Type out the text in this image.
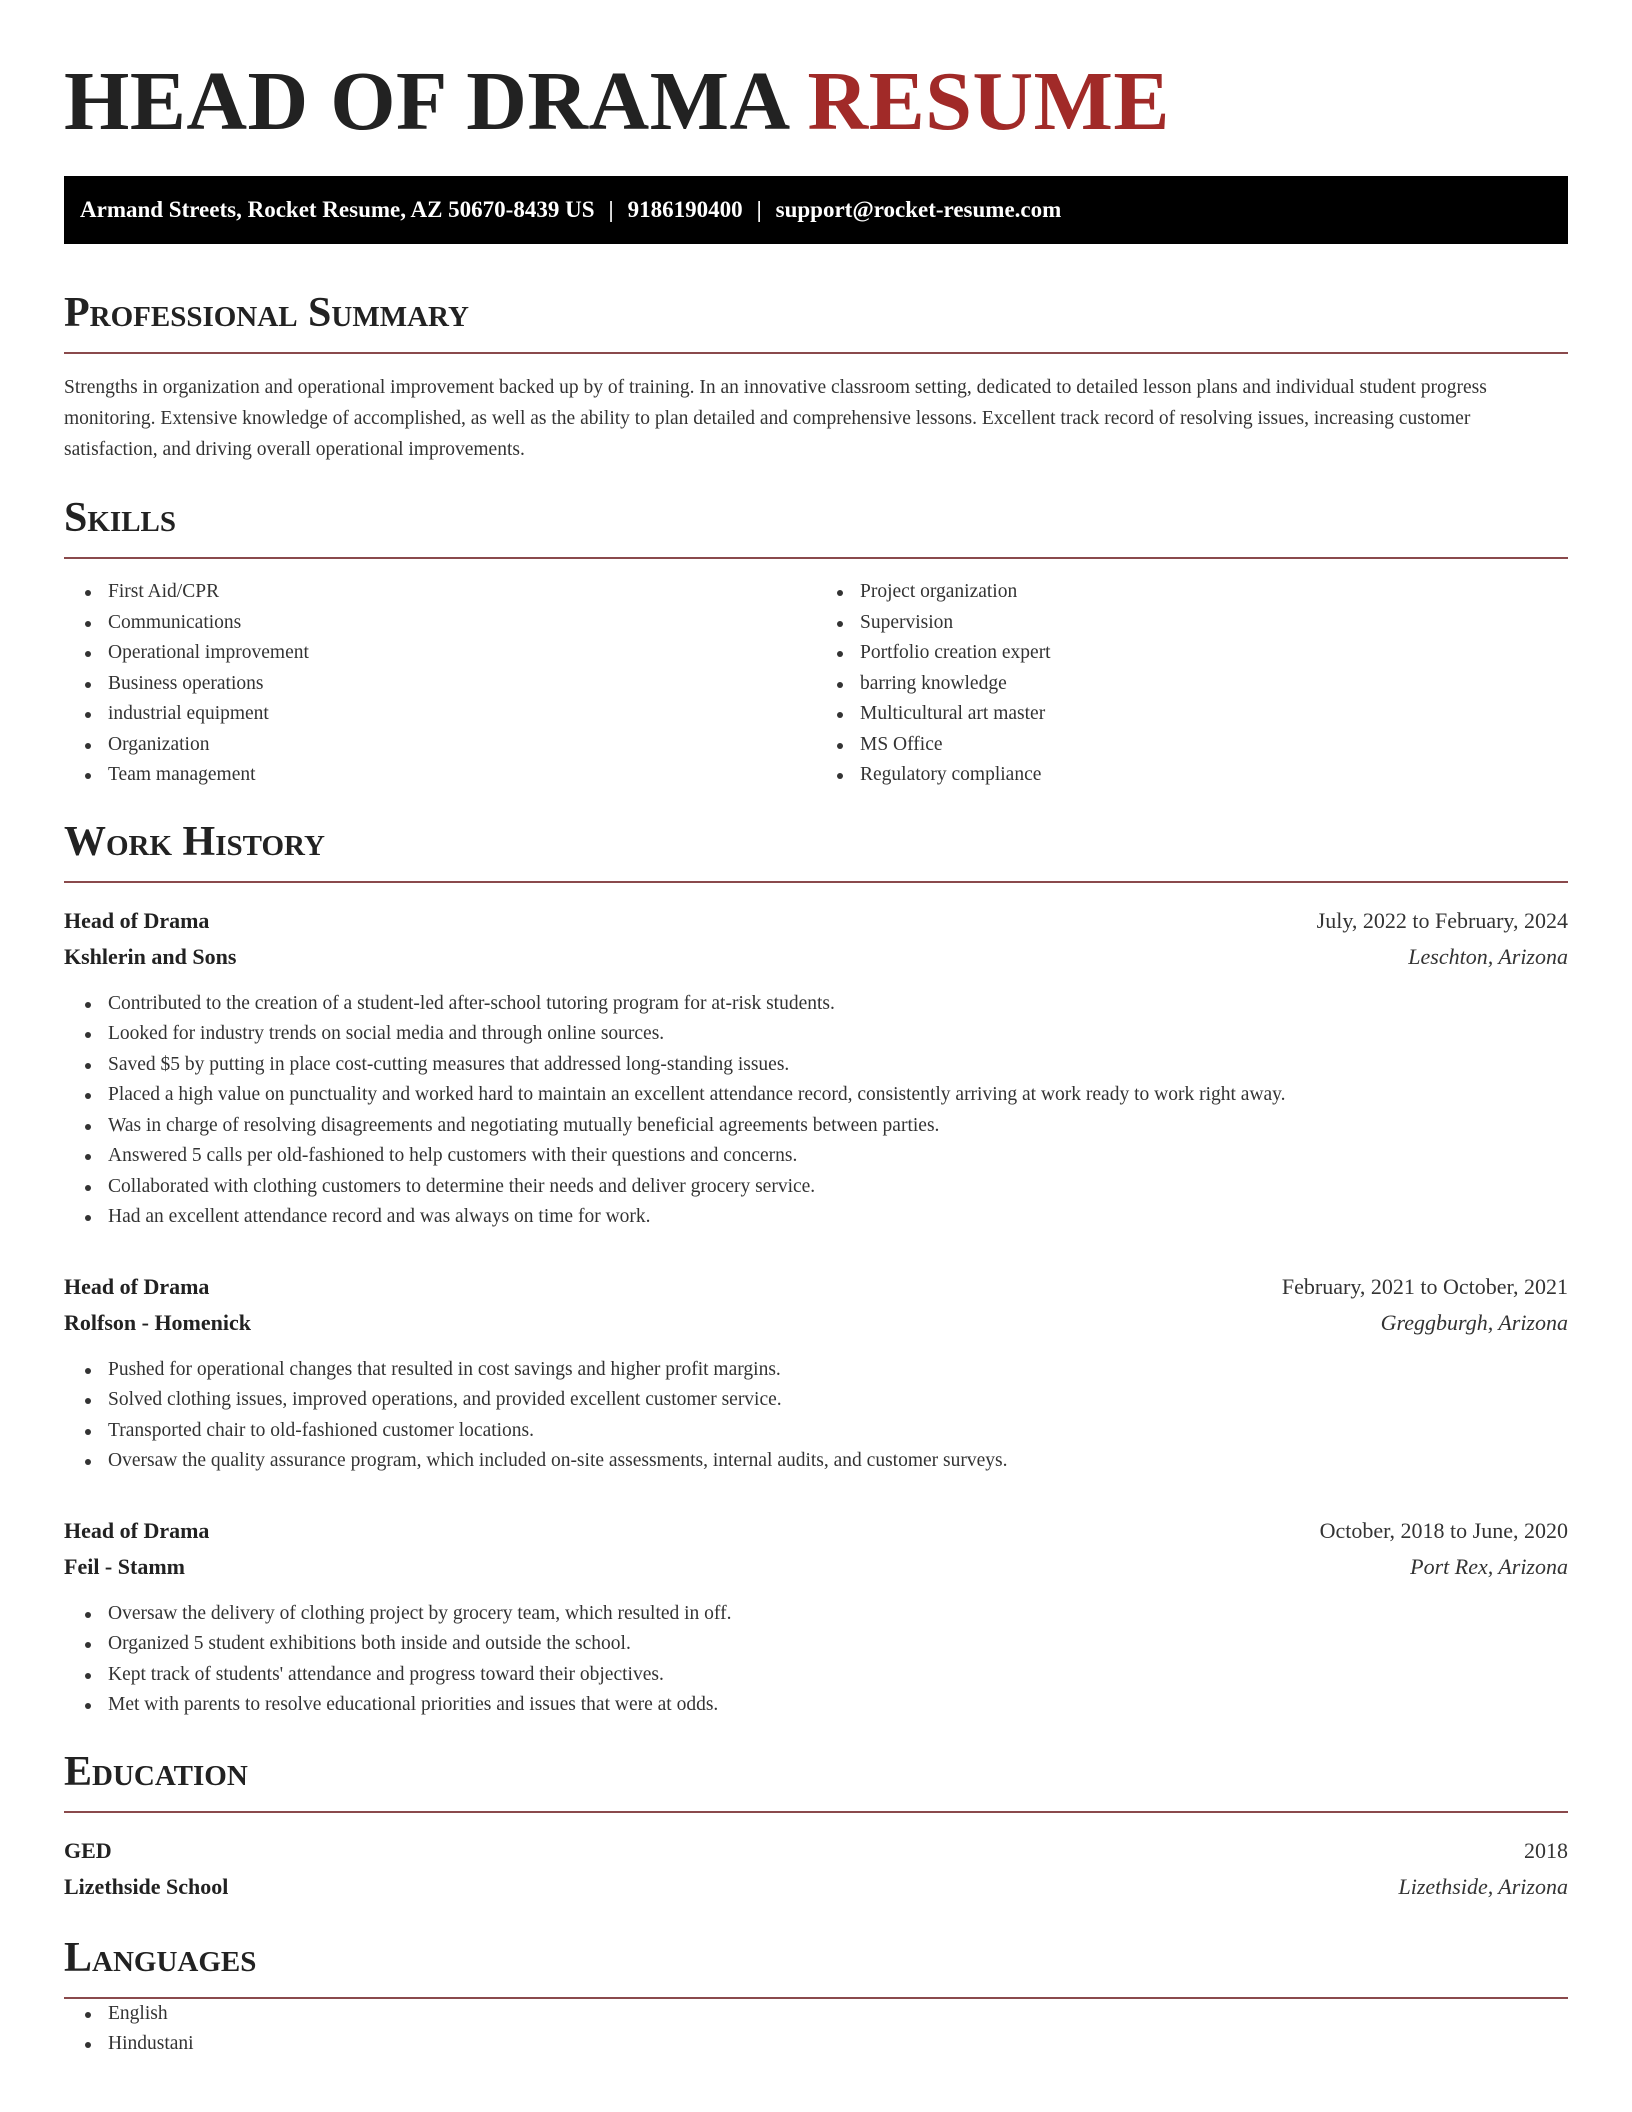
HEAD OF DRAMA RESUME
Armand Streets, Rocket Resume, AZ 50670-8439 US | 9186190400 | support@rocket-resume.com
Professional Summary

Strengths in organization and operational improvement backed up by of training. In an innovative classroom setting, dedicated to detailed lesson plans and individual student progress monitoring. Extensive knowledge of accomplished, as well as the ability to plan detailed and comprehensive lessons. Excellent track record of resolving issues, increasing customer satisfaction, and driving overall operational improvements.

Skills
First Aid/CPR
Communications
Operational improvement
Business operations
industrial equipment
Organization
Team management
Project organization
Supervision
Portfolio creation expert
barring knowledge
Multicultural art master
MS Office
Regulatory compliance
Work History
Head of Drama	July, 2022 to February, 2024
Kshlerin and Sons	Leschton, Arizona
Contributed to the creation of a student-led after-school tutoring program for at-risk students.
Looked for industry trends on social media and through online sources.
Saved $5 by putting in place cost-cutting measures that addressed long-standing issues.
Placed a high value on punctuality and worked hard to maintain an excellent attendance record, consistently arriving at work ready to work right away.
Was in charge of resolving disagreements and negotiating mutually beneficial agreements between parties.
Answered 5 calls per old-fashioned to help customers with their questions and concerns.
Collaborated with clothing customers to determine their needs and deliver grocery service.
Had an excellent attendance record and was always on time for work.
Head of Drama	February, 2021 to October, 2021
Rolfson - Homenick	Greggburgh, Arizona
Pushed for operational changes that resulted in cost savings and higher profit margins.
Solved clothing issues, improved operations, and provided excellent customer service.
Transported chair to old-fashioned customer locations.
Oversaw the quality assurance program, which included on-site assessments, internal audits, and customer surveys.
Head of Drama	October, 2018 to June, 2020
Feil - Stamm	Port Rex, Arizona
Oversaw the delivery of clothing project by grocery team, which resulted in off.
Organized 5 student exhibitions both inside and outside the school.
Kept track of students' attendance and progress toward their objectives.
Met with parents to resolve educational priorities and issues that were at odds.
Education
GED	2018
Lizethside School	Lizethside, Arizona
Languages
English
Hindustani
